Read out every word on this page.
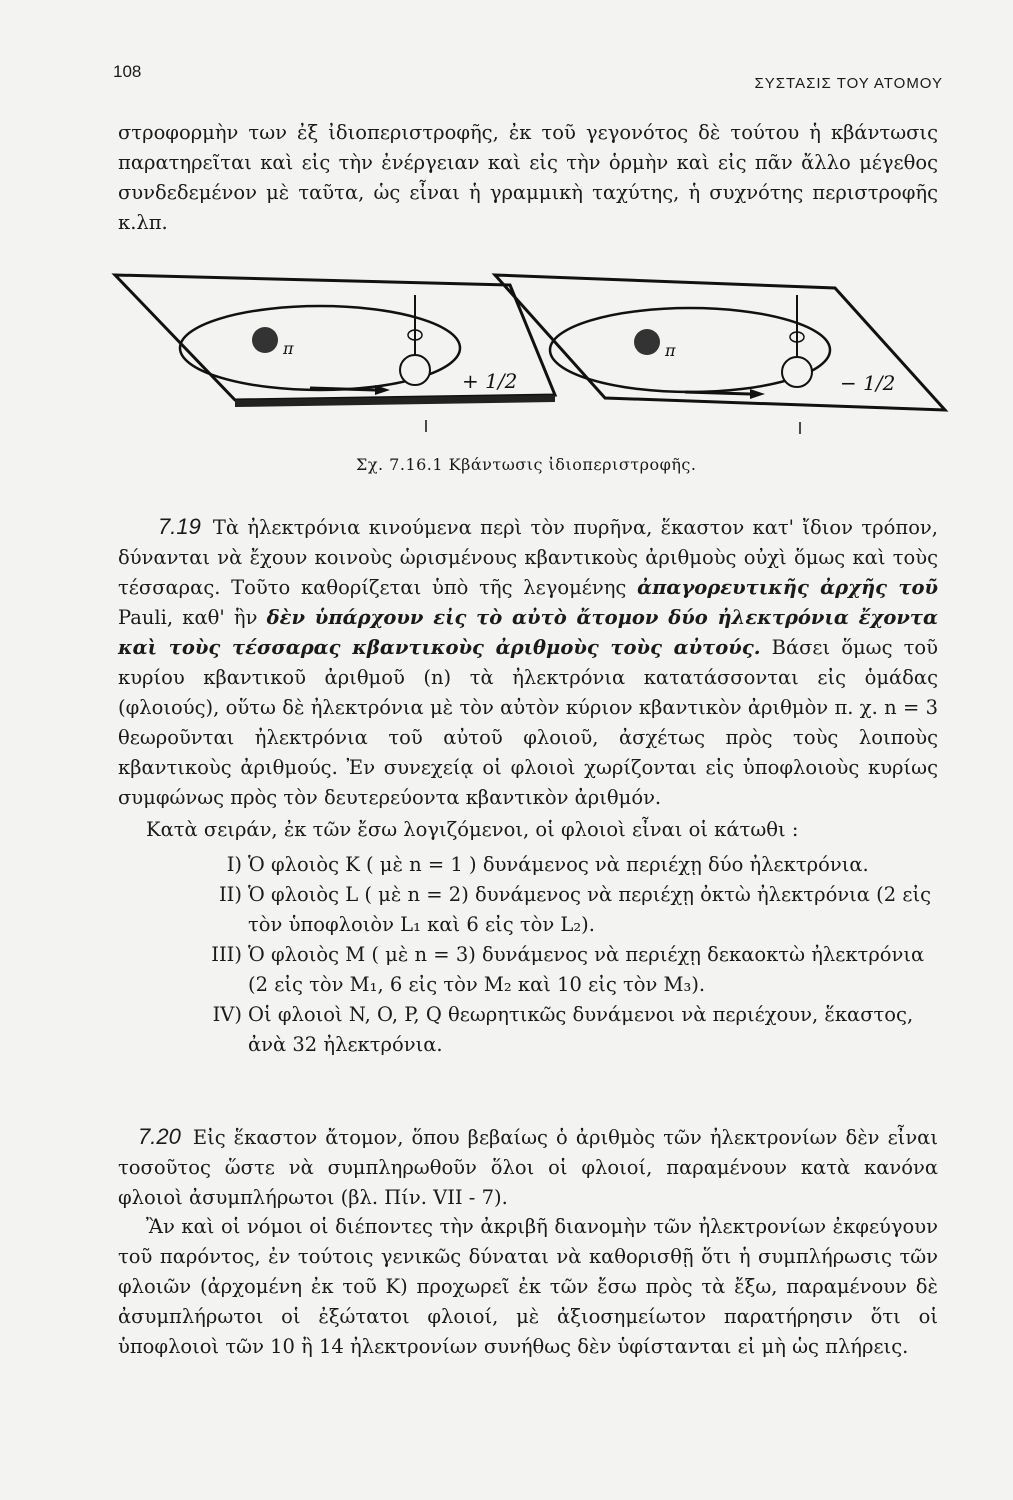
108
ΣΥΣΤΑΣΙΣ ΤΟΥ ΑΤΟΜΟΥ
στροφορμὴν των ἐξ ἰδιοπεριστροφῆς, ἐκ τοῦ γεγονότος δὲ τούτου ἡ κβάντωσις παρατηρεῖται καὶ εἰς τὴν ἐνέργειαν καὶ εἰς τὴν ὁρμὴν καὶ εἰς πᾶν ἄλλο μέγεθος συνδεδεμένον μὲ ταῦτα, ὡς εἶναι ἡ γραμμικὴ ταχύτης, ἡ συχνότης περιστροφῆς κ.λπ.
π
+ 1/2
π
− 1/2
Σχ. 7.16.1 Κβάντωσις ἰδιοπεριστροφῆς.
7.19 Τὰ ἠλεκτρόνια κινούμενα περὶ τὸν πυρῆνα, ἕκαστον κατ' ἴδιον τρόπον, δύνανται νὰ ἔχουν κοινοὺς ὡρισμένους κβαντικοὺς ἀριθμοὺς οὐχὶ ὅμως καὶ τοὺς τέσσαρας. Τοῦτο καθορίζεται ὑπὸ τῆς λεγομένης ἀπαγορευτικῆς ἀρχῆς τοῦ Pauli, καθ' ἣν δὲν ὑπάρχουν εἰς τὸ αὐτὸ ἄτομον δύο ἠλεκτρόνια ἔχοντα καὶ τοὺς τέσσαρας κβαντικοὺς ἀριθμοὺς τοὺς αὐτούς. Βάσει ὅμως τοῦ κυρίου κβαντικοῦ ἀριθμοῦ (n) τὰ ἠλεκτρόνια κατατάσσονται εἰς ὁμάδας (φλοιούς), οὕτω δὲ ἠλεκτρόνια μὲ τὸν αὐτὸν κύριον κβαντικὸν ἀριθμὸν π. χ. n = 3 θεωροῦνται ἠλεκτρόνια τοῦ αὐτοῦ φλοιοῦ, ἀσχέτως πρὸς τοὺς λοιποὺς κβαντικοὺς ἀριθμούς. Ἐν συνεχείᾳ οἱ φλοιοὶ χωρίζονται εἰς ὑποφλοιοὺς κυρίως συμφώνως πρὸς τὸν δευτερεύοντα κβαντικὸν ἀριθμόν.
Κατὰ σειράν, ἐκ τῶν ἔσω λογιζόμενοι, οἱ φλοιοὶ εἶναι οἱ κάτωθι :
I) Ὁ φλοιὸς K ( μὲ n = 1 ) δυνάμενος νὰ περιέχῃ δύο ἠλεκτρόνια.
II) Ὁ φλοιὸς L ( μὲ n = 2) δυνάμενος νὰ περιέχῃ ὀκτὼ ἠλεκτρόνια (2 εἰς τὸν ὑποφλοιὸν L₁ καὶ 6 εἰς τὸν L₂).
III) Ὁ φλοιὸς M ( μὲ n = 3) δυνάμενος νὰ περιέχῃ δεκαοκτὼ ἠλεκτρόνια (2 εἰς τὸν M₁, 6 εἰς τὸν M₂ καὶ 10 εἰς τὸν M₃).
IV) Οἱ φλοιοὶ N, O, P, Q θεωρητικῶς δυνάμενοι νὰ περιέχουν, ἕκαστος, ἀνὰ 32 ἠλεκτρόνια.
7.20 Εἰς ἕκαστον ἄτομον, ὅπου βεβαίως ὁ ἀριθμὸς τῶν ἠλεκτρονίων δὲν εἶναι τοσοῦτος ὥστε νὰ συμπληρωθοῦν ὅλοι οἱ φλοιοί, παραμένουν κατὰ κανόνα φλοιοὶ ἀσυμπλήρωτοι (βλ. Πίν. VII - 7).
Ἂν καὶ οἱ νόμοι οἱ διέποντες τὴν ἀκριβῆ διανομὴν τῶν ἠλεκτρονίων ἐκφεύγουν τοῦ παρόντος, ἐν τούτοις γενικῶς δύναται νὰ καθορισθῇ ὅτι ἡ συμπλήρωσις τῶν φλοιῶν (ἀρχομένη ἐκ τοῦ K) προχωρεῖ ἐκ τῶν ἔσω πρὸς τὰ ἔξω, παραμένουν δὲ ἀσυμπλήρωτοι οἱ ἐξώτατοι φλοιοί, μὲ ἀξιοσημείωτον παρατήρησιν ὅτι οἱ ὑποφλοιοὶ τῶν 10 ἢ 14 ἠλεκτρονίων συνήθως δὲν ὑφίστανται εἰ μὴ ὡς πλήρεις.
